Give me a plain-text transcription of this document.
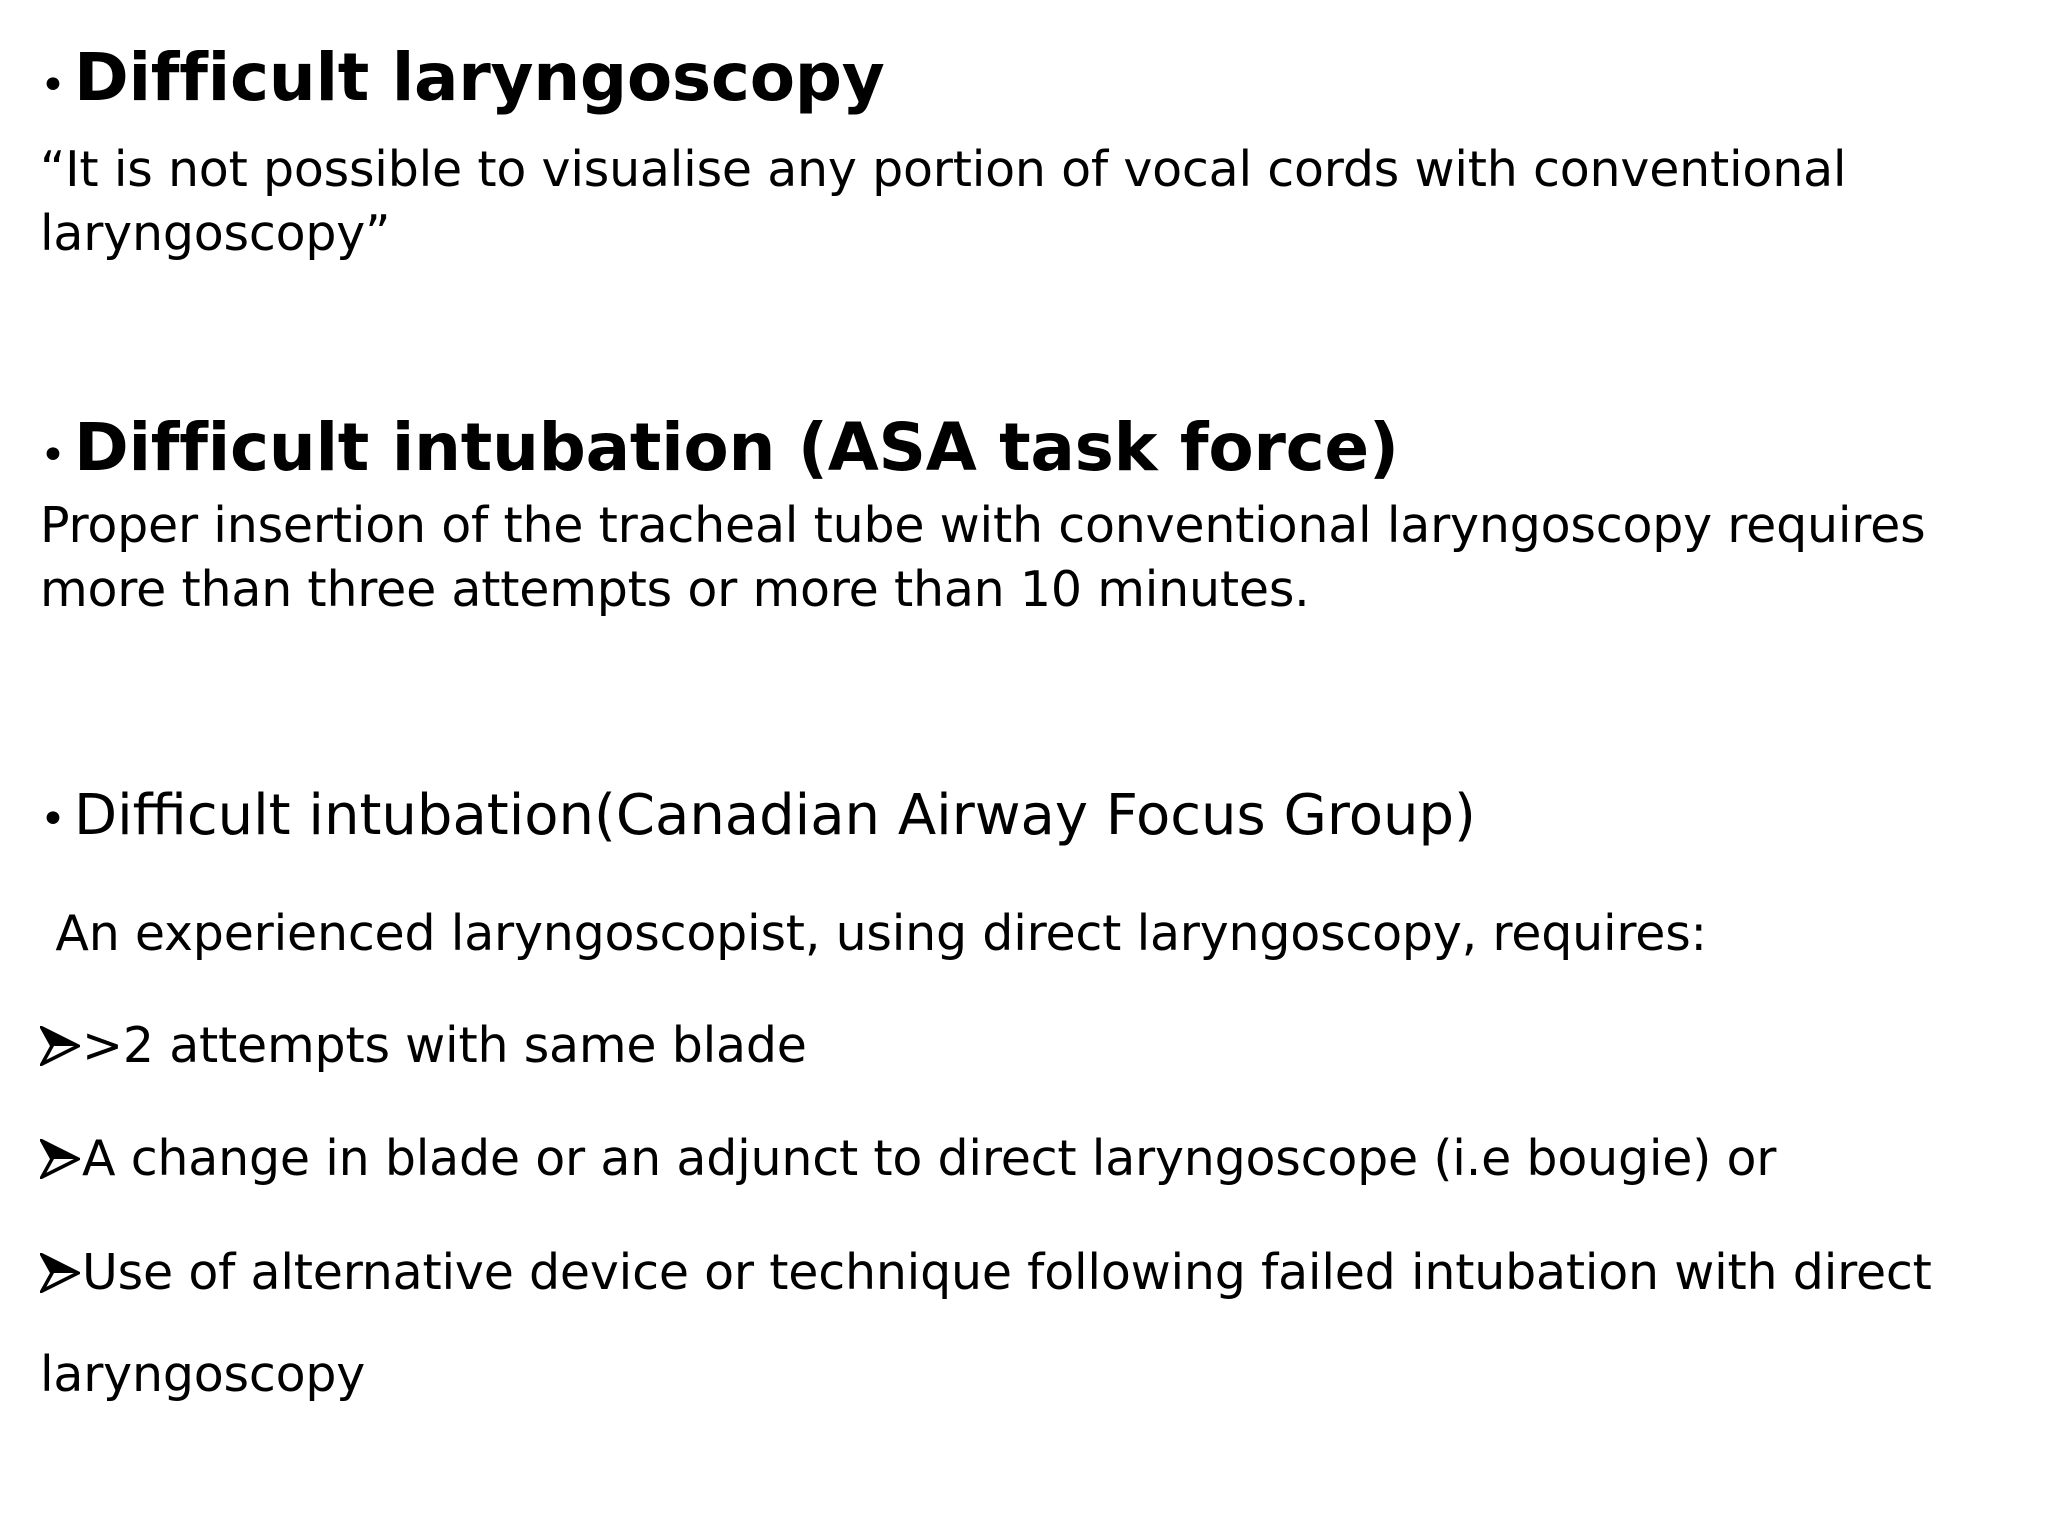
• Difficult laryngoscopy
“It is not possible to visualise any portion of vocal cords with conventional
laryngoscopy”
• Difficult intubation (ASA task force)
Proper insertion of the tracheal tube with conventional laryngoscopy requires
more than three attempts or more than 10 minutes.
• Difficult intubation(Canadian Airway Focus Group)
An experienced laryngoscopist, using direct laryngoscopy, requires:
>2 attempts with same blade
A change in blade or an adjunct to direct laryngoscope (i.e bougie) or
Use of alternative device or technique following failed intubation with direct
laryngoscopy
